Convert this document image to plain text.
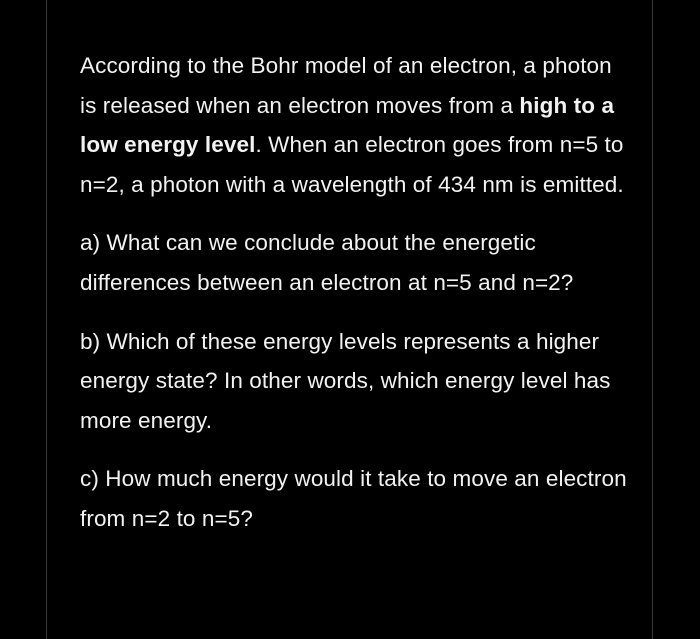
According to the Bohr model of an electron, a photon is released when an electron moves from a high to a low energy level. When an electron goes from n=5 to n=2, a photon with a wavelength of 434 nm is emitted.

a) What can we conclude about the energetic differences between an electron at n=5 and n=2?

b) Which of these energy levels represents a higher energy state? In other words, which energy level has more energy.

c) How much energy would it take to move an electron from n=2 to n=5?
